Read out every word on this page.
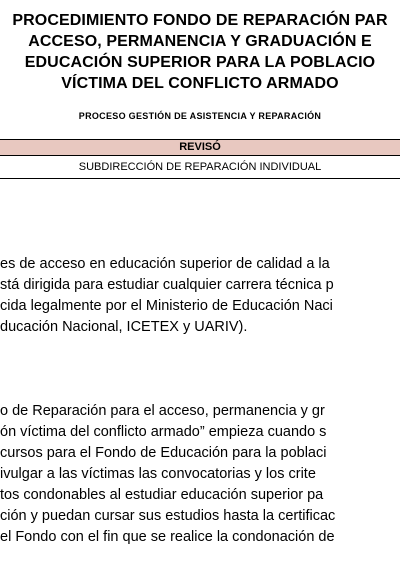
PROCEDIMIENTO FONDO DE REPARACIÓN PAR
ACCESO, PERMANENCIA Y GRADUACIÓN E
EDUCACIÓN SUPERIOR PARA LA POBLACIO
VÍCTIMA DEL CONFLICTO ARMADO
PROCESO GESTIÓN DE ASISTENCIA Y REPARACIÓN
REVISÓ
SUBDIRECCIÓN DE REPARACIÓN INDIVIDUAL
es de acceso en educación superior de calidad a la
stá dirigida para estudiar cualquier carrera técnica p
cida legalmente por el Ministerio de Educación Naci
ducación Nacional, ICETEX y UARIV).
o de Reparación para el acceso, permanencia y gr
ón víctima del conflicto armado” empieza cuando s
cursos para el Fondo de Educación para la poblaci
ivulgar a las víctimas las convocatorias y los crite
tos condonables al estudiar educación superior pa
ción y puedan cursar sus estudios hasta la certificac
el Fondo con el fin que se realice la condonación de
